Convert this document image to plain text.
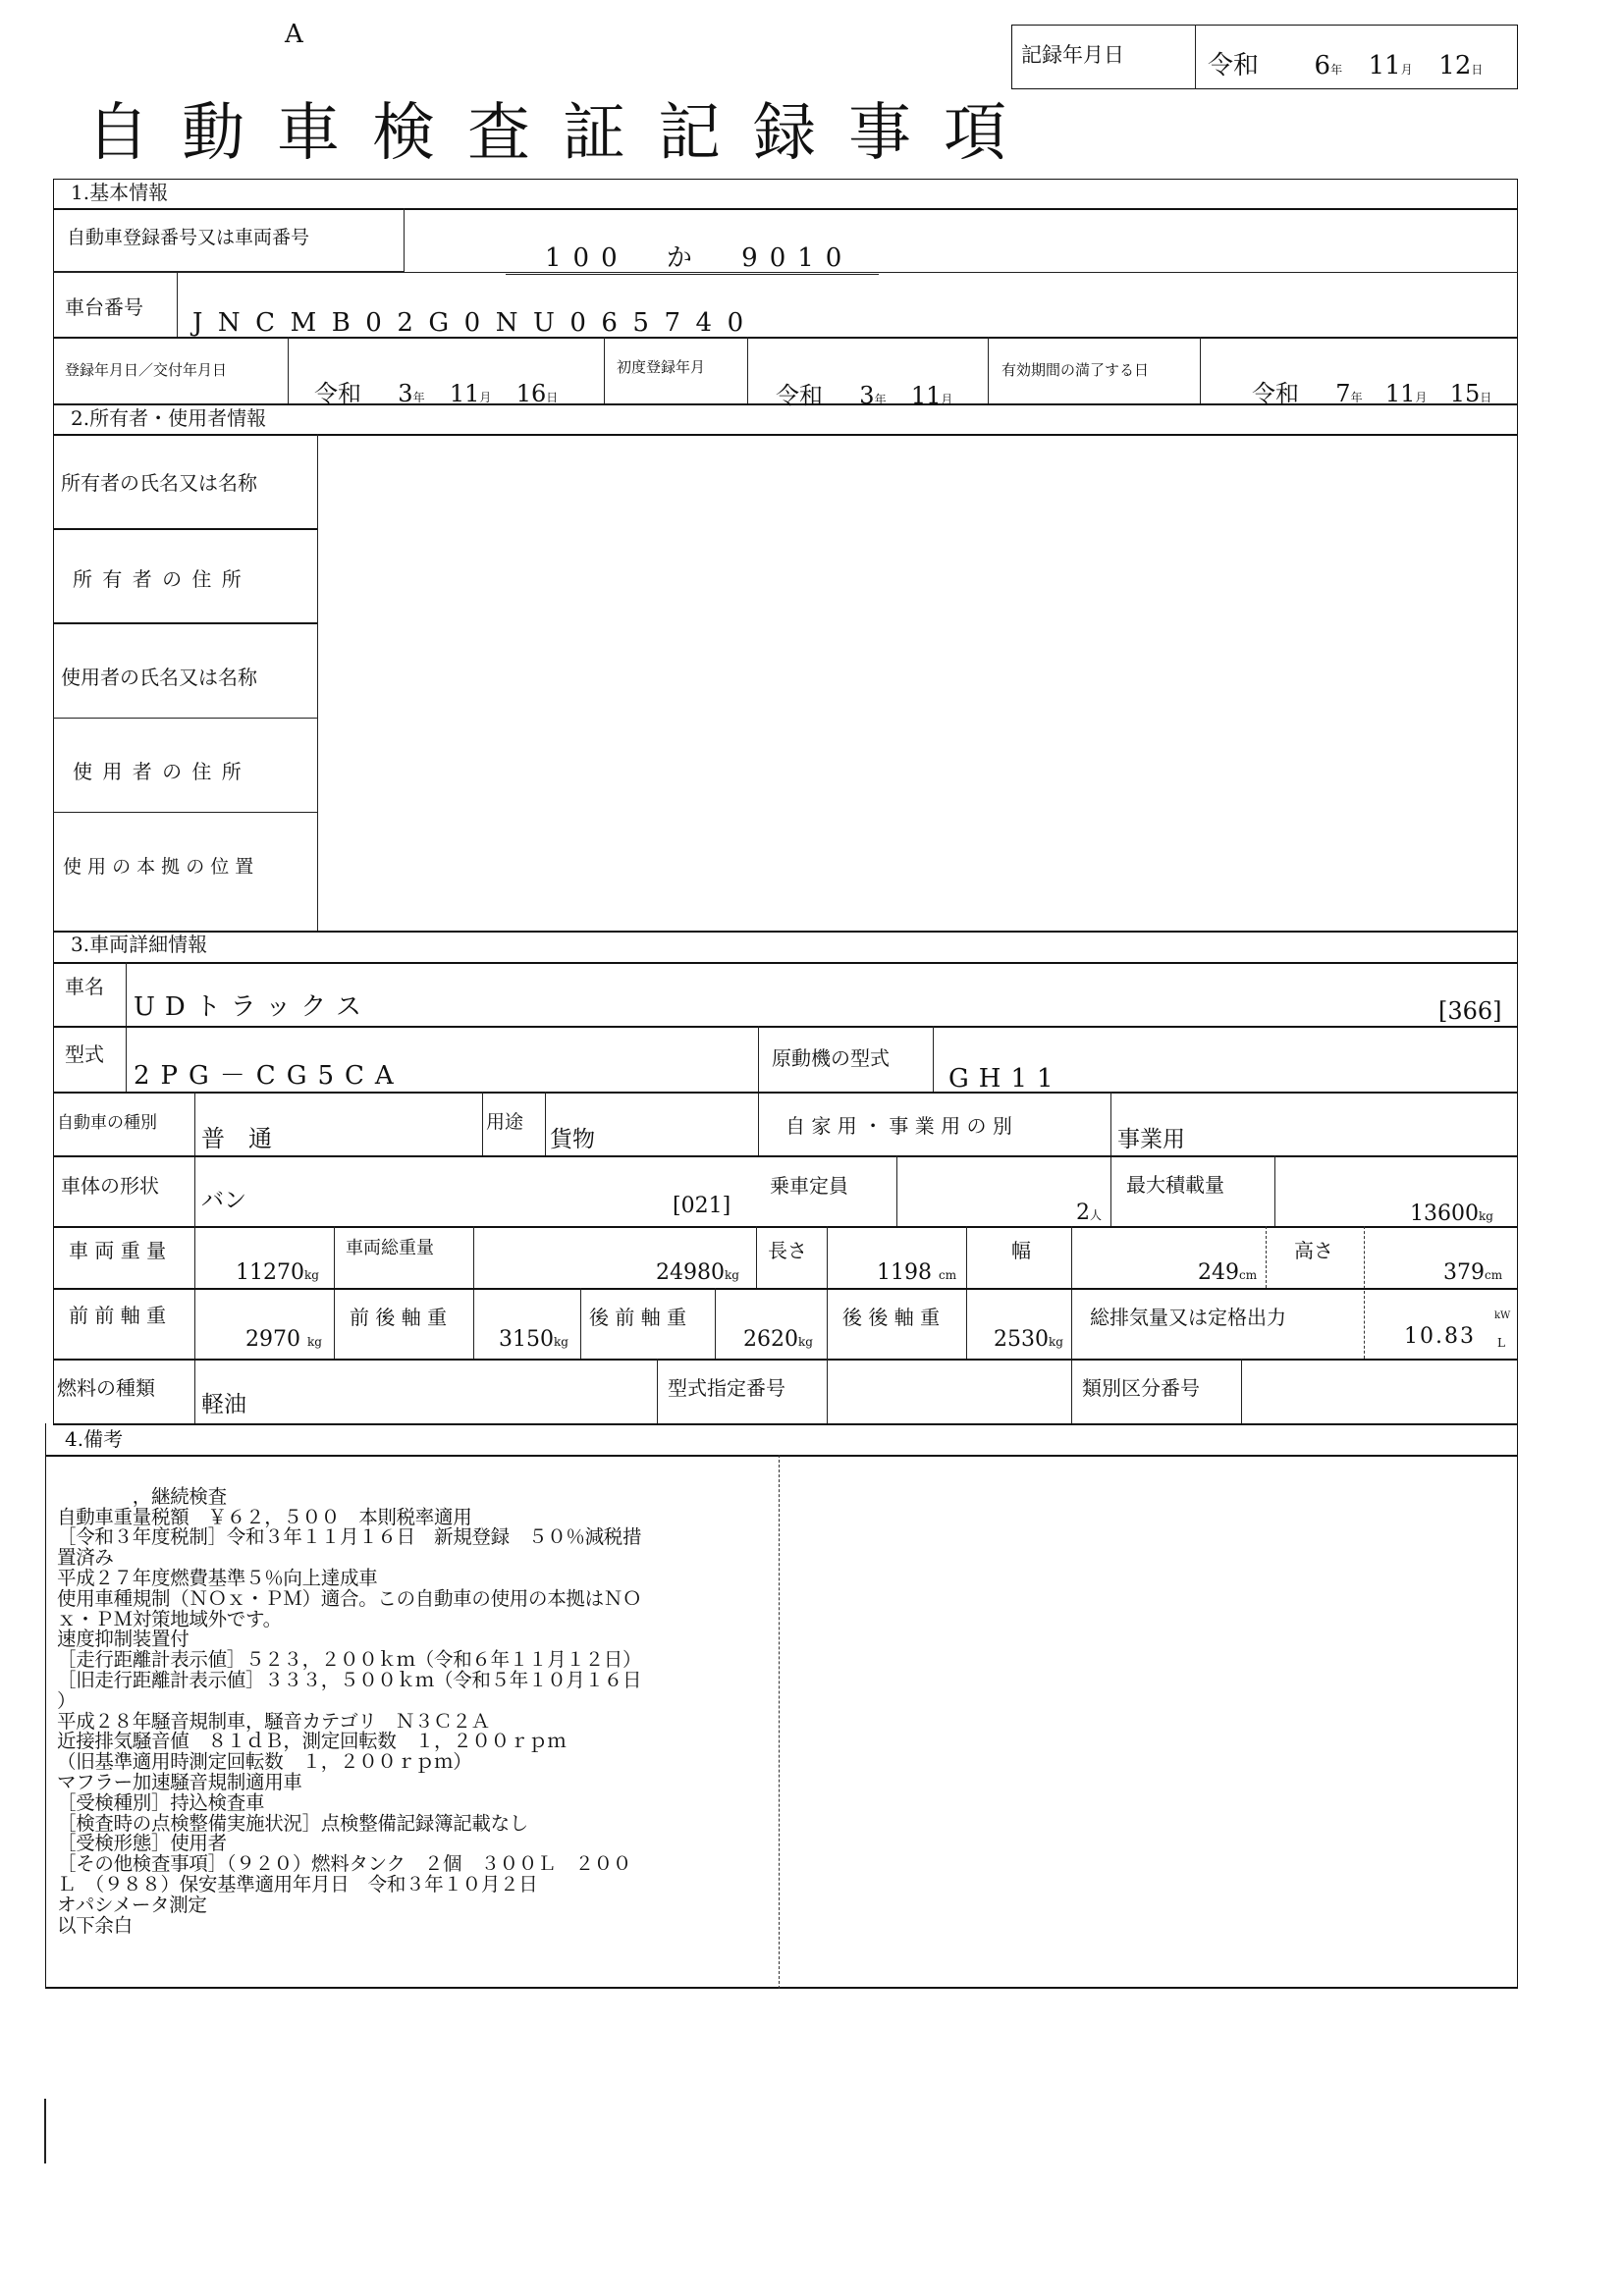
A
自 動 車 検 査 証 記 録 事 項
記録年月日	令和 6年 11月 12日
1.基本情報
自動車登録番号又は車両番号
100 か 9010
車台番号
JNCMB02G0NU065740
登録年月日／交付年月日
令和 3年 11月 16日
初度登録年月
令和 3年 11月
有効期間の満了する日
令和 7年 11月 15日
2.所有者・使用者情報
所有者の氏名又は名称
所 有 者 の 住 所
使用者の氏名又は名称
使 用 者 の 住 所
使 用 の 本 拠 の 位 置
3.車両詳細情報
車名
UDトラックス	[366]
型式
2PG－CG5CA
原動機の型式
GH11
自動車の種別
普　通
用途
貨物
自 家 用 ・ 事 業 用 の 別
事業用
車体の形状
バン	[021]
乗車定員
2人
最大積載量
13600kg
車 両 重 量
11270kg
車両総重量
24980kg
長さ
1198 cm
幅
249cm
高さ
379cm
前 前 軸 重
2970 kg
前 後 軸 重
3150kg
後 前 軸 重
2620kg
後 後 軸 重
2530kg
総排気量又は定格出力
10.83
kW
L
燃料の種類
軽油
型式指定番号	類別区分番号
4.備考

　　　　，継続検査
自動車重量税額　￥６２，５００　本則税率適用
［令和３年度税制］令和３年１１月１６日　新規登録　５０％減税措
置済み
平成２７年度燃費基準５％向上達成車
使用車種規制（ＮＯｘ・ＰＭ）適合。この自動車の使用の本拠はＮＯ
ｘ・ＰＭ対策地域外です。
速度抑制装置付
［走行距離計表示値］５２３，２００ｋｍ（令和６年１１月１２日）
［旧走行距離計表示値］３３３，５００ｋｍ（令和５年１０月１６日
）
平成２８年騒音規制車，騒音カテゴリ　Ｎ３Ｃ２Ａ
近接排気騒音値　８１ｄＢ，測定回転数　１，２００ｒｐｍ
（旧基準適用時測定回転数　１，２００ｒｐｍ）
マフラー加速騒音規制適用車
［受検種別］持込検査車
［検査時の点検整備実施状況］点検整備記録簿記載なし
［受検形態］使用者
［その他検査事項］（９２０）燃料タンク　２個　３００Ｌ　２００
Ｌ　（９８８）保安基準適用年月日　令和３年１０月２日
オパシメータ測定
以下余白
